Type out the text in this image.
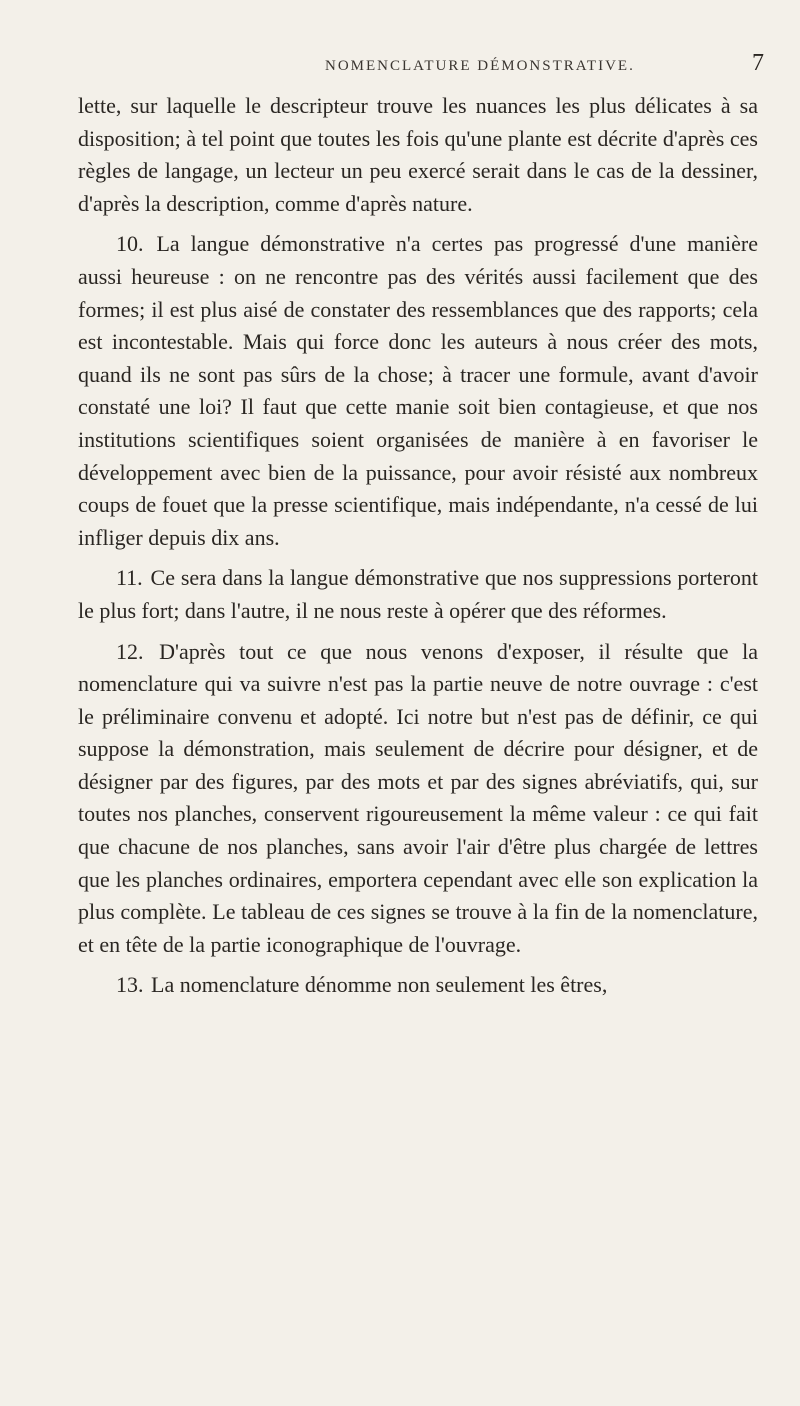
NOMENCLATURE DÉMONSTRATIVE.	7

lette, sur laquelle le descripteur trouve les nuances les plus délicates à sa disposition; à tel point que toutes les fois qu'une plante est décrite d'après ces règles de langage, un lecteur un peu exercé serait dans le cas de la dessiner, d'après la description, comme d'après nature.

10. La langue démonstrative n'a certes pas progressé d'une manière aussi heureuse : on ne rencontre pas des vérités aussi facilement que des formes; il est plus aisé de constater des ressemblances que des rapports; cela est incontestable. Mais qui force donc les auteurs à nous créer des mots, quand ils ne sont pas sûrs de la chose; à tracer une formule, avant d'avoir constaté une loi? Il faut que cette manie soit bien contagieuse, et que nos institutions scientifiques soient organisées de manière à en favoriser le développement avec bien de la puissance, pour avoir résisté aux nombreux coups de fouet que la presse scientifique, mais indépendante, n'a cessé de lui infliger depuis dix ans.

11. Ce sera dans la langue démonstrative que nos suppressions porteront le plus fort; dans l'autre, il ne nous reste à opérer que des réformes.

12. D'après tout ce que nous venons d'exposer, il résulte que la nomenclature qui va suivre n'est pas la partie neuve de notre ouvrage : c'est le préliminaire convenu et adopté. Ici notre but n'est pas de définir, ce qui suppose la démonstration, mais seulement de décrire pour désigner, et de désigner par des figures, par des mots et par des signes abréviatifs, qui, sur toutes nos planches, conservent rigoureusement la même valeur : ce qui fait que chacune de nos planches, sans avoir l'air d'être plus chargée de lettres que les planches ordinaires, emportera cependant avec elle son explication la plus complète. Le tableau de ces signes se trouve à la fin de la nomenclature, et en tête de la partie iconographique de l'ouvrage.

13. La nomenclature dénomme non seulement les êtres,
